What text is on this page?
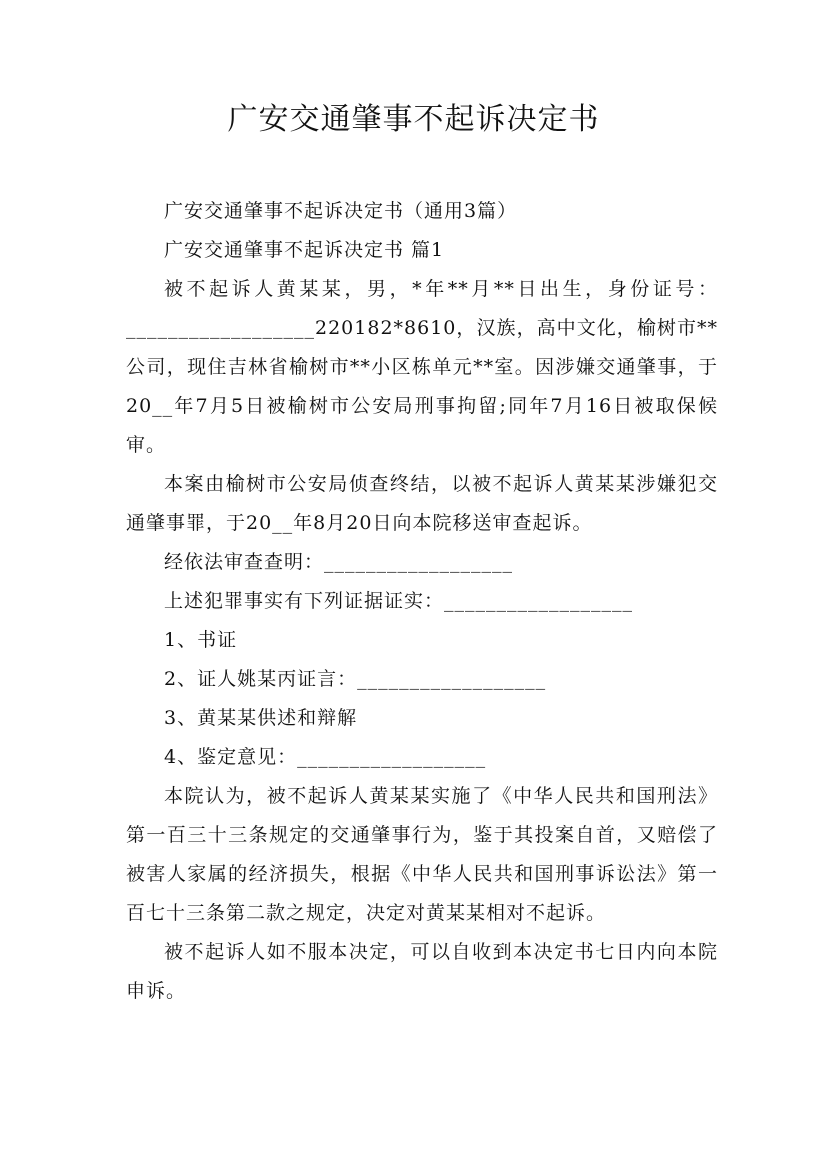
广安交通肇事不起诉决定书

广安交通肇事不起诉决定书（通用3篇）

广安交通肇事不起诉决定书 篇1

被不起诉人黄某某，男，*年**月**日出生，身份证号：__________________220182*8610，汉族，高中文化，榆树市**公司，现住吉林省榆树市**小区栋单元**室。因涉嫌交通肇事，于20__年7月5日被榆树市公安局刑事拘留;同年7月16日被取保候审。

本案由榆树市公安局侦查终结，以被不起诉人黄某某涉嫌犯交通肇事罪，于20__年8月20日向本院移送审查起诉。

经依法审查查明：__________________

上述犯罪事实有下列证据证实：__________________

1、书证

2、证人姚某丙证言：__________________

3、黄某某供述和辩解

4、鉴定意见：__________________

本院认为，被不起诉人黄某某实施了《中华人民共和国刑法》第一百三十三条规定的交通肇事行为，鉴于其投案自首，又赔偿了被害人家属的经济损失，根据《中华人民共和国刑事诉讼法》第一百七十三条第二款之规定，决定对黄某某相对不起诉。

被不起诉人如不服本决定，可以自收到本决定书七日内向本院申诉。
